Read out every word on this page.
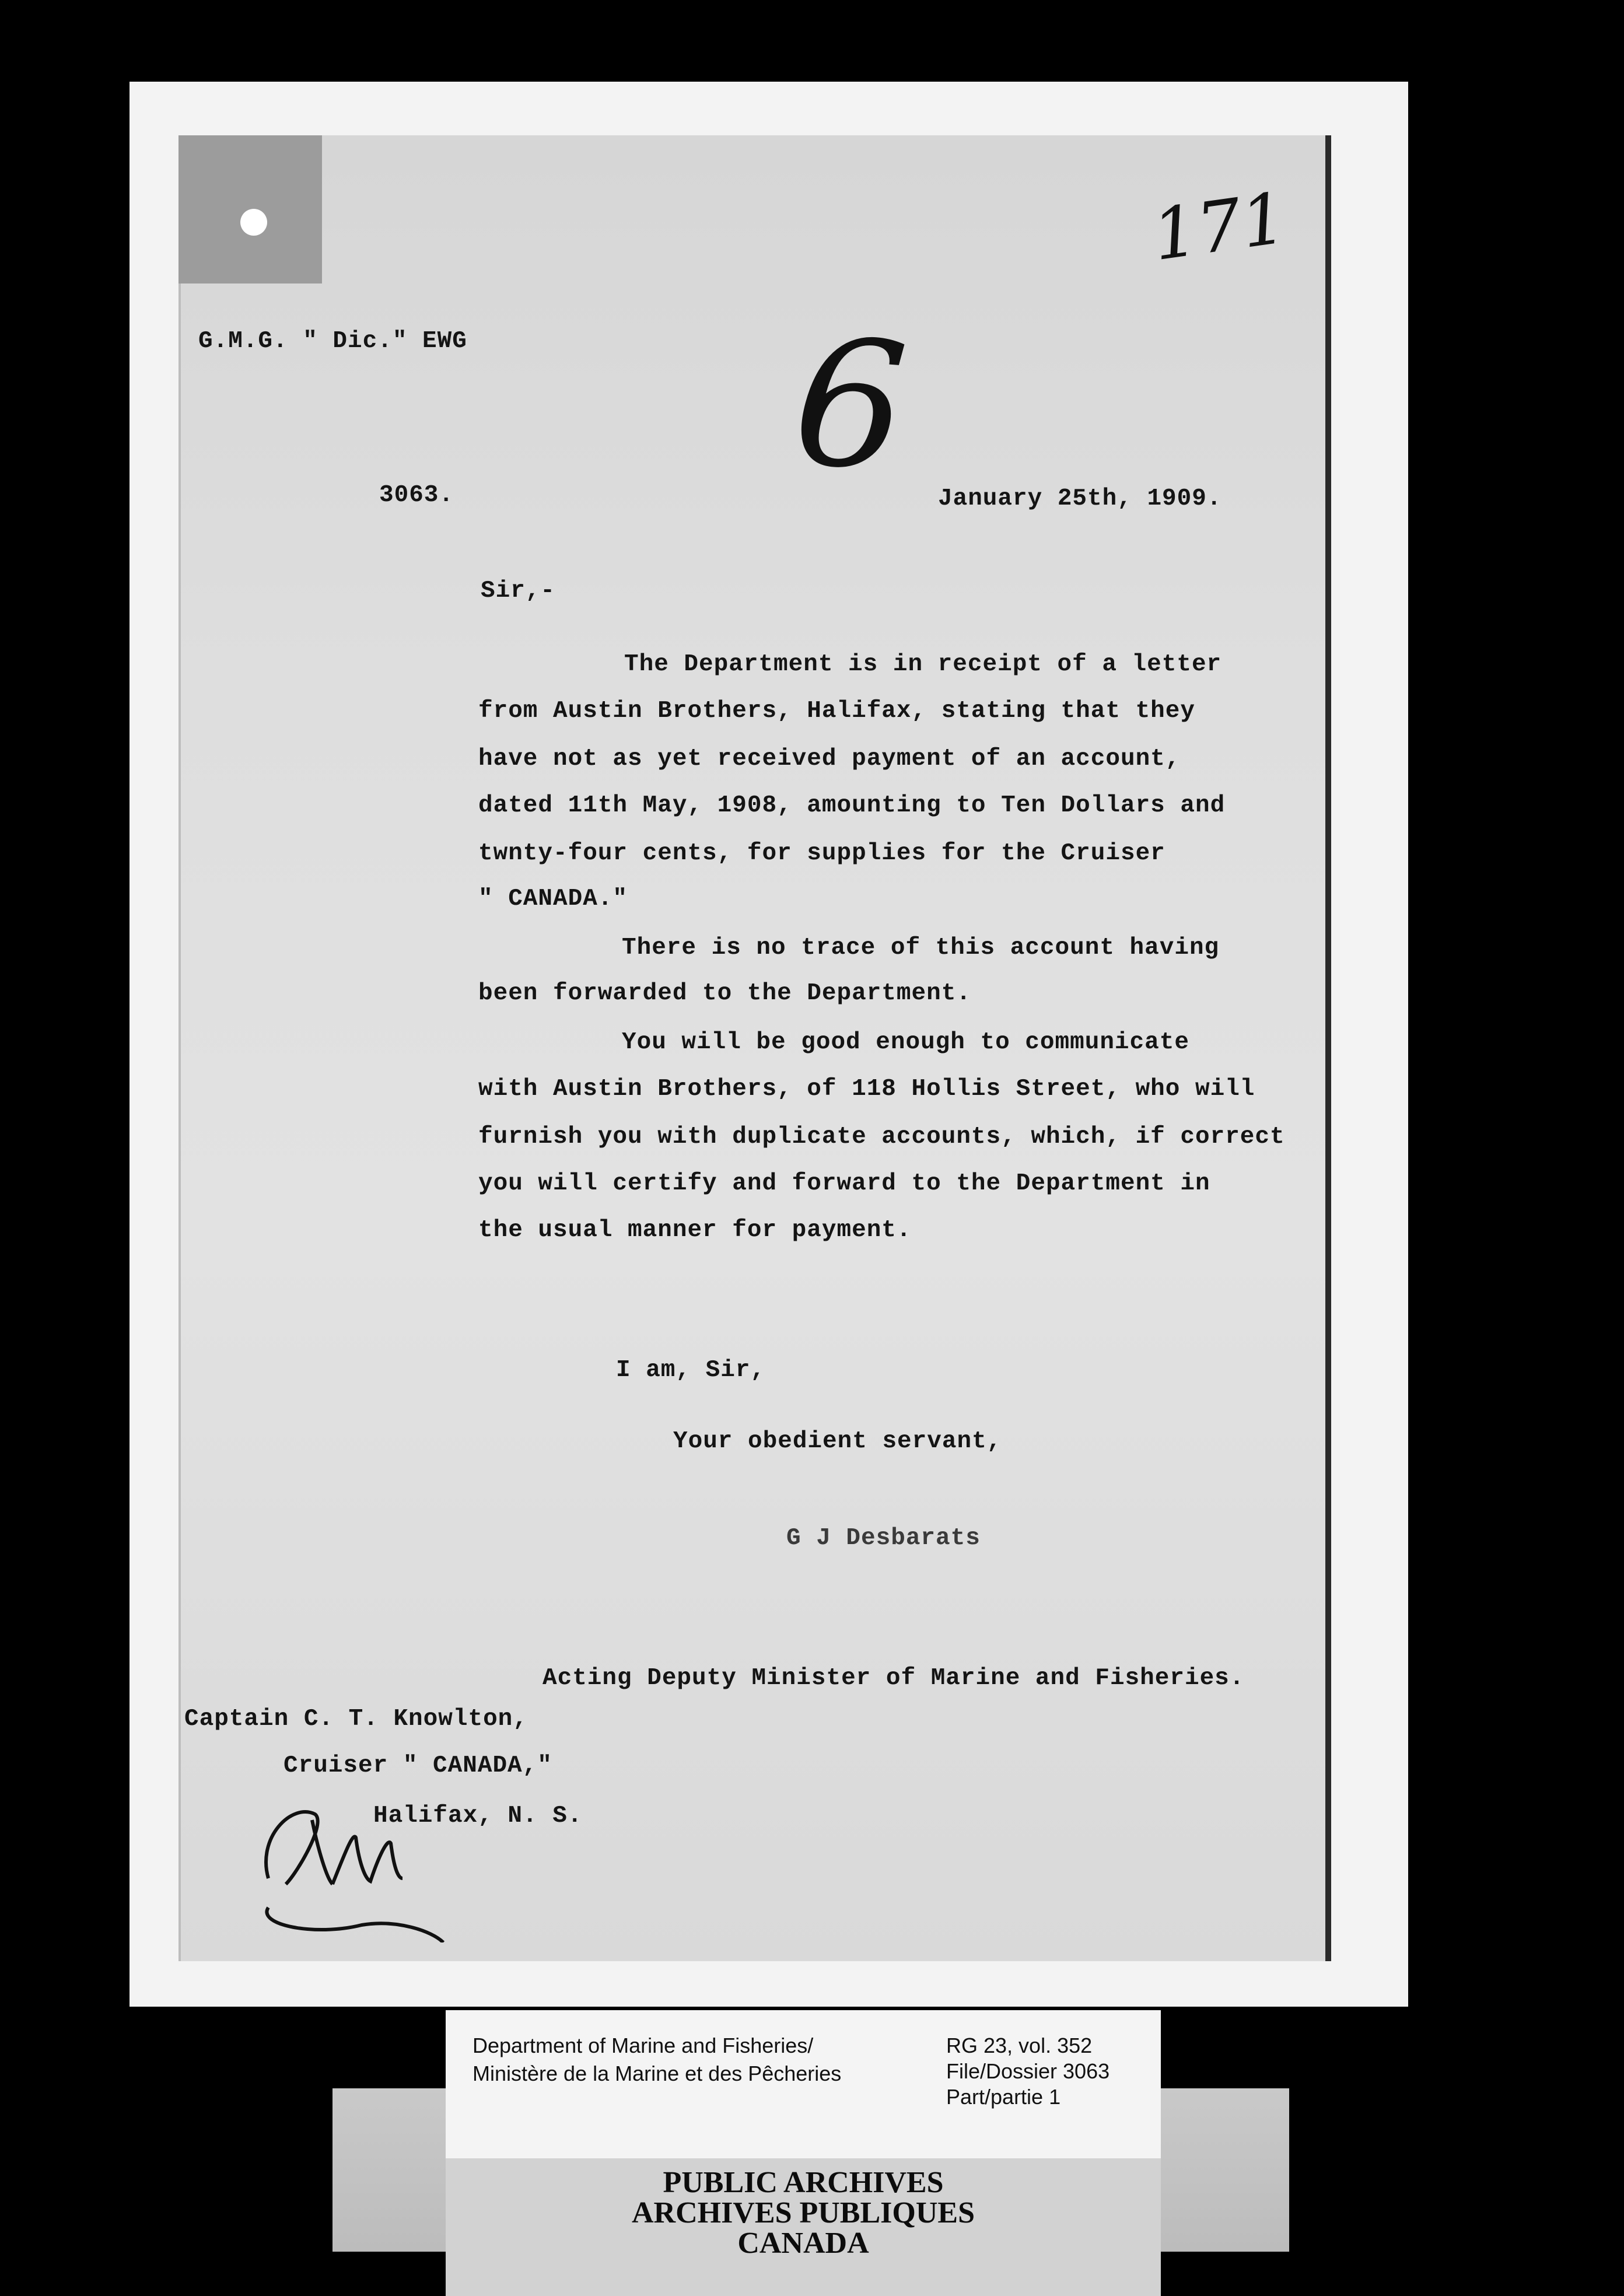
G.M.G. " Dic." EWG
171
6
3063.	January 25th, 1909.
Sir,-
The Department is in receipt of a letter
from Austin Brothers, Halifax, stating that they
have not as yet received payment of an account,
dated 11th May, 1908, amounting to Ten Dollars and
twnty-four cents, for supplies for the Cruiser
" CANADA."
There is no trace of this account having
been forwarded to the Department.
You will be good enough to communicate
with Austin Brothers, of 118 Hollis Street, who will
furnish you with duplicate accounts, which, if correct
you will certify and forward to the Department in
the usual manner for payment.
I am, Sir,
Your obedient servant,
G J Desbarats
Acting Deputy Minister of Marine and Fisheries.
Captain C. T. Knowlton,
Cruiser " CANADA,"
Halifax, N. S.
Department of Marine and Fisheries/
Ministère de la Marine et des Pêcheries
RG 23, vol. 352
File/Dossier 3063
Part/partie 1
PUBLIC ARCHIVES
ARCHIVES PUBLIQUES
CANADA
